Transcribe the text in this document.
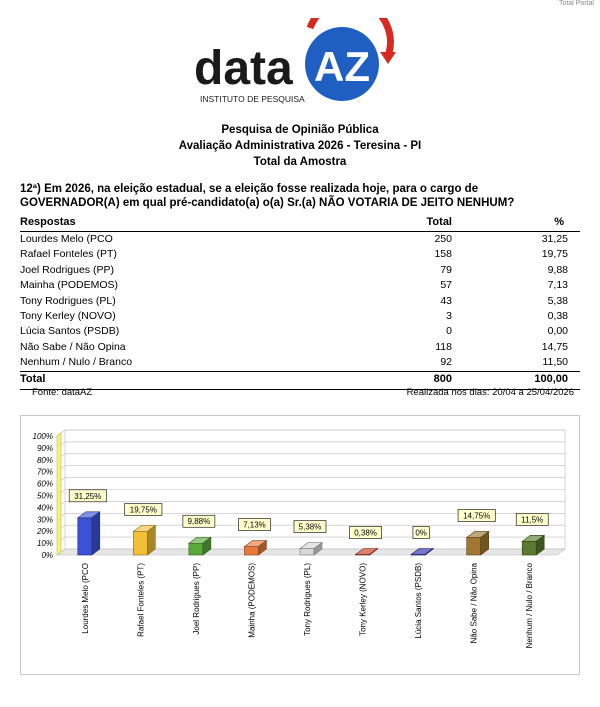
Total Portal
data AZ
INSTITUTO DE PESQUISA
Pesquisa de Opinião Pública
Avaliação Administrativa 2026 - Teresina - PI
Total da Amostra
12ª) Em 2026, na eleição estadual, se a eleição fosse realizada hoje, para o cargo de GOVERNADOR(A) em qual pré-candidato(a) o(a) Sr.(a) NÃO VOTARIA DE JEITO NENHUM?
Respostas	Total	%
Lourdes Melo (PCO	250	31,25
Rafael Fonteles (PT)	158	19,75
Joel Rodrigues (PP)	79	9,88
Mainha (PODEMOS)	57	7,13
Tony Rodrigues (PL)	43	5,38
Tony Kerley (NOVO)	3	0,38
Lúcia Santos (PSDB)	0	0,00
Não Sabe / Não Opina	118	14,75
Nenhum / Nulo / Branco	92	11,50
Total	800	100,00
Fonte: dataAZ	Realizada nos dias: 20/04 a 25/04/2026
0%
10%
20%
30%
40%
50%
60%
70%
80%
90%
100%
31,25%
Lourdes Melo (PCO
19,75%
Rafael Fonteles (PT)
9,88%
Joel Rodrigues (PP)
7,13%
Mainha (PODEMOS)
5,38%
Tony Rodrigues (PL)
0,38%
Tony Kerley (NOVO)
0%
Lúcia Santos (PSDB)
14,75%
Não Sabe / Não Opina
11,5%
Nenhum / Nulo / Branco
